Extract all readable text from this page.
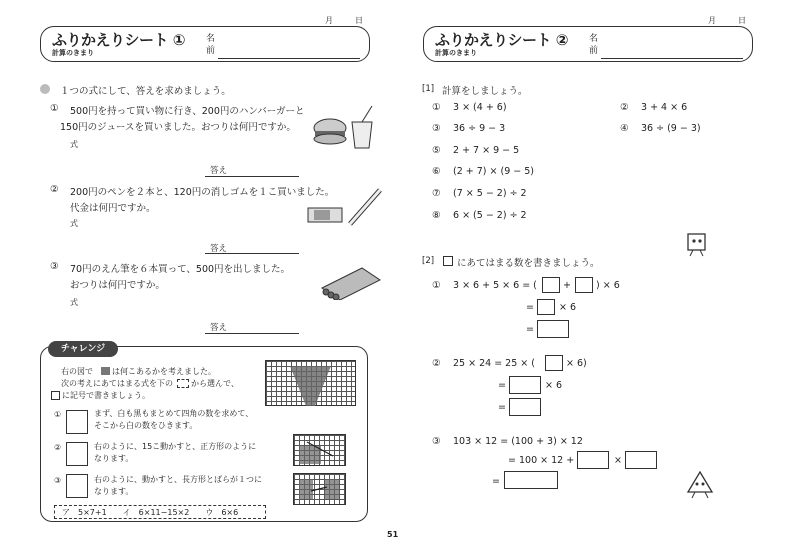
月	日
ふりかえりシート ①
計算のきまり
名
前
１つの式にして、答えを求めましょう。
① 500円を持って買い物に行き、200円のハンバーガーと
150円のジュースを買いました。おつりは何円ですか。
式
答え
② 200円のペンを２本と、120円の消しゴムを１こ買いました。
代金は何円ですか。
式
答え
③ 70円のえん筆を６本買って、500円を出しました。
おつりは何円ですか。
式
答え
チャレンジ
右の図で は何こあるかを考えました。
次の考えにあてはまる式を下の から選んで、
に記号で書きましょう。
①	まず、白も黒もまとめて四角の数を求めて、
そこから白の数をひきます。
②	右のように、15こ動かすと、正方形のように
なります。
③	右のように、動かすと、長方形とばらが１つに
なります。
ア　5×7+1　　イ　6×11−15×2　　ウ　6×6
51
月	日
ふりかえりシート ②
計算のきまり
名
前
[1] 計算をしましょう。
① 3 × (4 + 6)	② 3 + 4 × 6
③ 36 ÷ 9 − 3	④ 36 ÷ (9 − 3)
⑤ 2 + 7 × 9 − 5
⑥ (2 + 7) × (9 − 5)
⑦ (7 × 5 − 2) ÷ 2
⑧ 6 × (5 − 2) ÷ 2
[2] にあてはまる数を書きましょう。
① 3 × 6 + 5 × 6 = (	+	) × 6
=	× 6
=
② 25 × 24 = 25 × (	× 6)
=	× 6
=
③ 103 × 12 = (100 + 3) × 12
= 100 × 12 +	×
=
